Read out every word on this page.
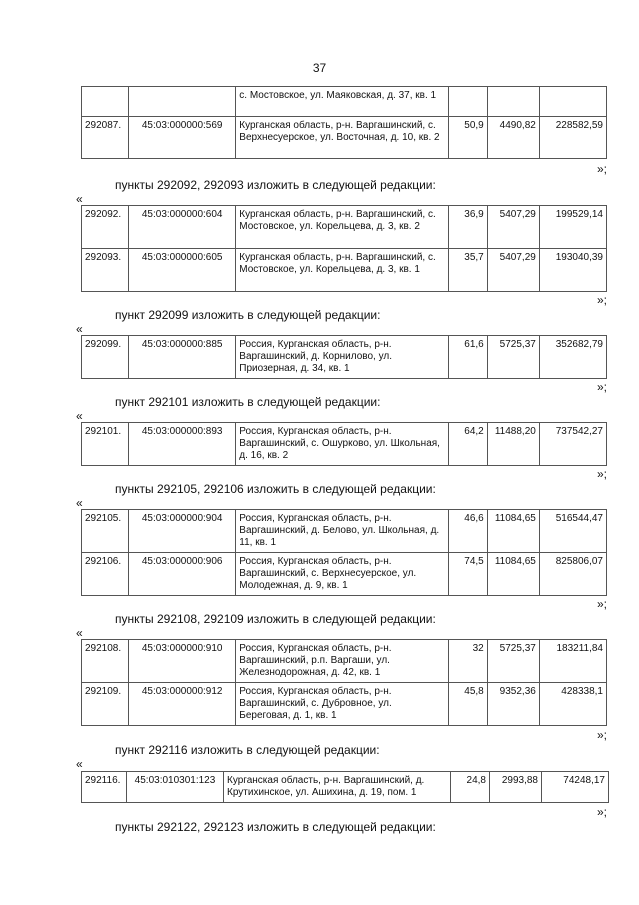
37
		с. Мостовское, ул. Маяковская, д. 37, кв. 1			
292087.	45:03:000000:569	Курганская область, р-н. Варгашинский, с. Верхнесуерское, ул. Восточная, д. 10, кв. 2	50,9	4490,82	228582,59
»;
пункты 292092, 292093 изложить в следующей редакции:
«
292092.	45:03:000000:604	Курганская область, р-н. Варгашинский, с. Мостовское, ул. Корельцева, д. 3, кв. 2	36,9	5407,29	199529,14
292093.	45:03:000000:605	Курганская область, р-н. Варгашинский, с. Мостовское, ул. Корельцева, д. 3, кв. 1	35,7	5407,29	193040,39
»;
пункт 292099 изложить в следующей редакции:
«
292099.	45:03:000000:885	Россия, Курганская область, р-н. Варгашинский, д. Корнилово, ул. Приозерная, д. 34, кв. 1	61,6	5725,37	352682,79
»;
пункт 292101 изложить в следующей редакции:
«
292101.	45:03:000000:893	Россия, Курганская область, р-н. Варгашинский, с. Ошурково, ул. Школьная, д. 16, кв. 2	64,2	11488,20	737542,27
»;
пункты 292105, 292106 изложить в следующей редакции:
«
292105.	45:03:000000:904	Россия, Курганская область, р-н. Варгашинский, д. Белово, ул. Школьная, д. 11, кв. 1	46,6	11084,65	516544,47
292106.	45:03:000000:906	Россия, Курганская область, р-н. Варгашинский, с. Верхнесуерское, ул. Молодежная, д. 9, кв. 1	74,5	11084,65	825806,07
»;
пункты 292108, 292109 изложить в следующей редакции:
«
292108.	45:03:000000:910	Россия, Курганская область, р-н. Варгашинский, р.п. Варгаши, ул. Железнодорожная, д. 42, кв. 1	32	5725,37	183211,84
292109.	45:03:000000:912	Россия, Курганская область, р-н. Варгашинский, с. Дубровное, ул. Береговая, д. 1, кв. 1	45,8	9352,36	428338,1
»;
пункт 292116 изложить в следующей редакции:
«
292116.	45:03:010301:123	Курганская область, р-н. Варгашинский, д. Крутихинское, ул. Ашихина, д. 19, пом. 1	24,8	2993,88	74248,17
»;
пункты 292122, 292123 изложить в следующей редакции:
